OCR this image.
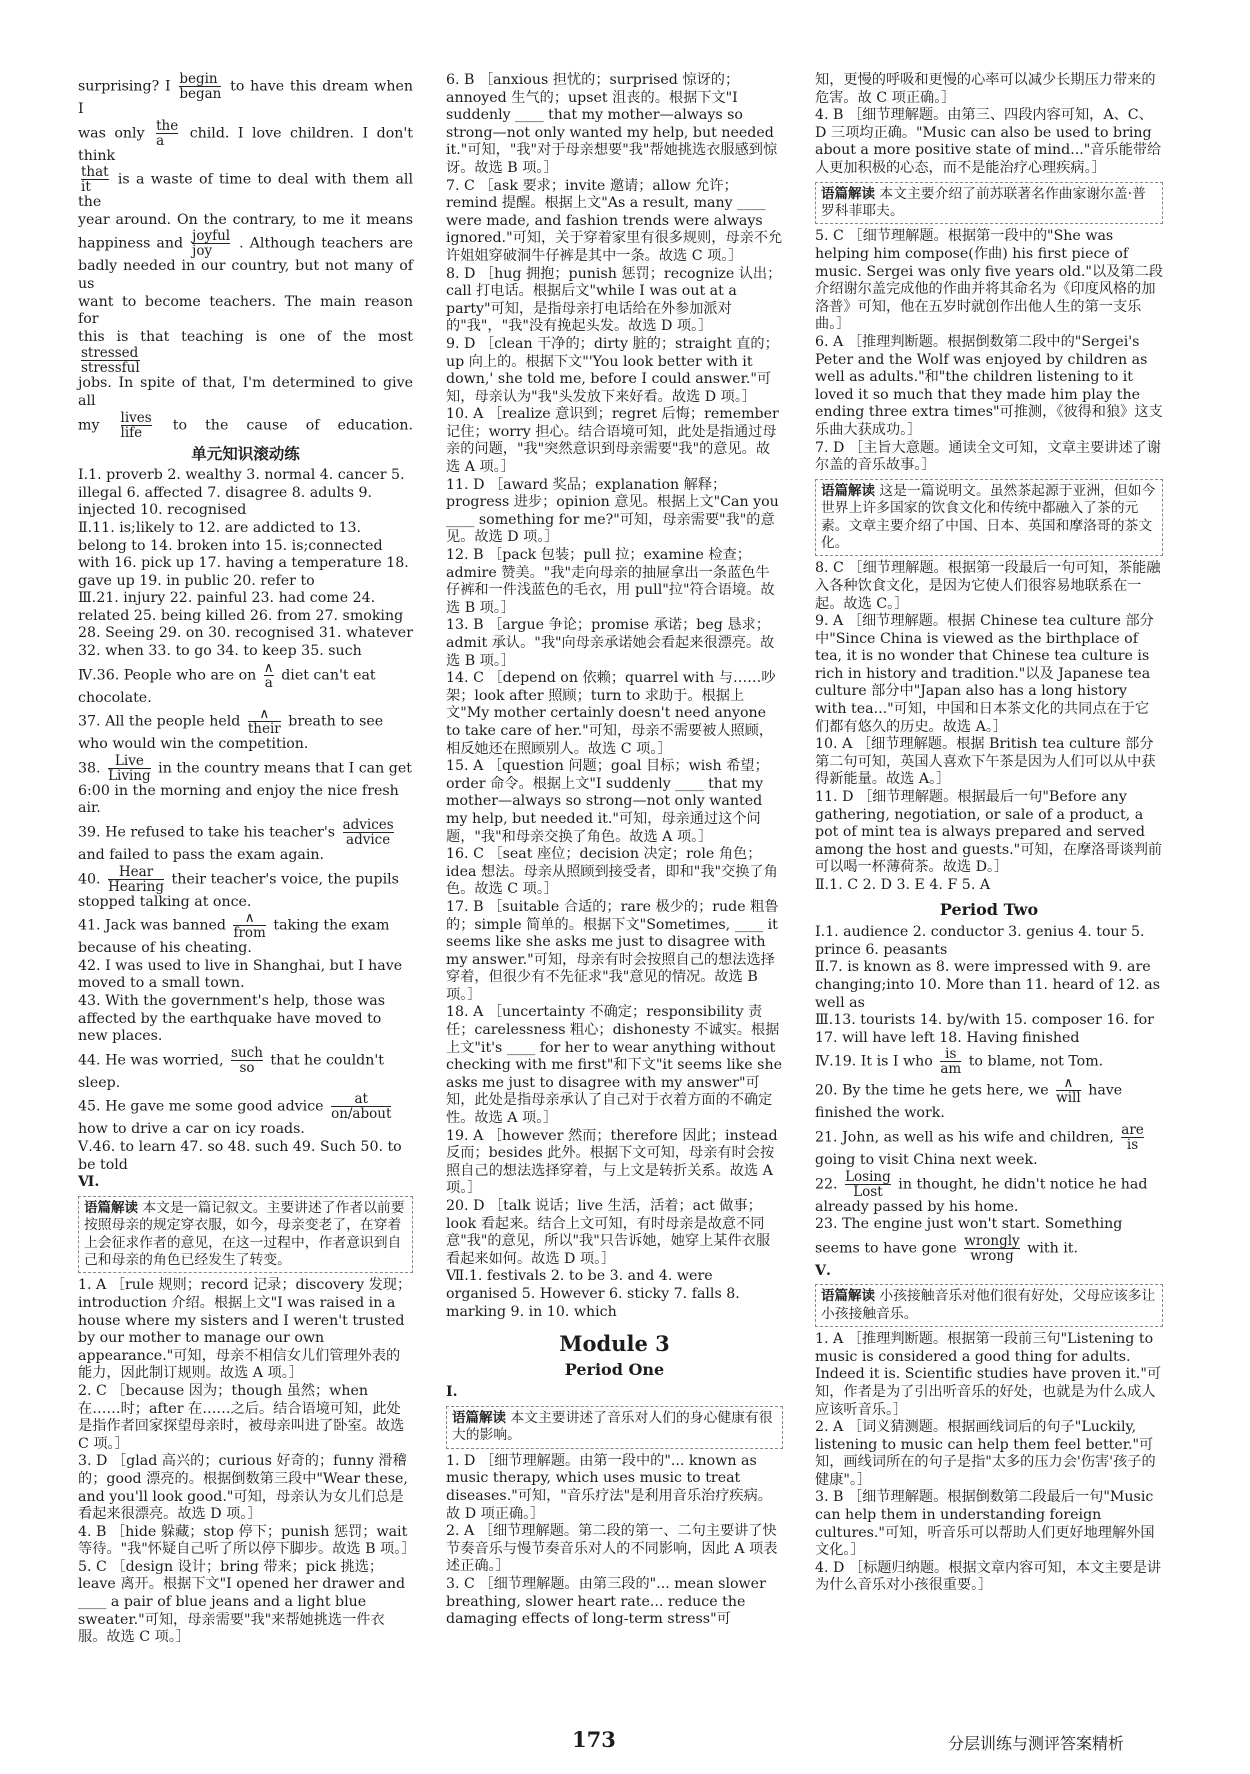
surprising? I $\frac{\text{begin}}{\text{began}}$ to have this dream when I

was only $\frac{\text{the}}{a}$ child. I love children. I don't think

$\frac{\text{that}}{it}$ is a waste of time to deal with them all the

year around. On the contrary, to me it means

happiness and $\frac{\text{joyful}}{\text{joy}}$ . Although teachers are

badly needed in our country, but not many of us

want to become teachers. The main reason for

this is that teaching is one of the most
$\frac{\text{stressed}}{\text{stressful}}$

jobs. In spite of that, I'm determined to give all

my $\frac{\text{lives}}{\text{life}}$ to the cause of education.

单元知识滚动练

Ⅰ.1. proverb 2. wealthy 3. normal 4. cancer 5. illegal 6. affected 7. disagree 8. adults 9. injected 10. recognised

Ⅱ.11. is;likely to 12. are addicted to 13. belong to 14. broken into 15. is;connected with 16. pick up 17. having a temperature 18. gave up 19. in public 20. refer to

Ⅲ.21. injury 22. painful 23. had come 24. related 25. being killed 26. from 27. smoking 28. Seeing 29. on 30. recognised 31. whatever 32. when 33. to go 34. to keep 35. such

Ⅳ.36. People who are on $\frac{\wedge}{a}$ diet can't eat chocolate.

37. All the people held $\frac{\wedge}{\text{their}}$ breath to see who would win the competition.

38. $\frac{\text{Live}}{\text{Living}}$ in the country means that I can get 6:00 in the morning and enjoy the nice fresh air.

39. He refused to take his teacher's $\frac{\text{advices}}{\text{advice}}$
and failed to pass the exam again.

40. $\frac{\text{Hear}}{\text{Hearing}}$ their teacher's voice, the pupils stopped talking at once.

41. Jack was banned $\frac{\wedge}{\text{from}}$ taking the exam because of his cheating.

42. I was used to live in Shanghai, but I have moved to a small town.

43. With the government's help, those was affected by the earthquake have moved to new places.

44. He was worried, $\frac{\text{such}}{so}$ that he couldn't sleep.

45. He gave me some good advice $\frac{at}{\text{on/about}}$
how to drive a car on icy roads.

Ⅴ.46. to learn 47. so 48. such 49. Such 50. to be told

Ⅵ.

语篇解读 本文是一篇记叙文。主要讲述了作者以前要按照母亲的规定穿衣服，如今，母亲变老了，在穿着上会征求作者的意见，在这一过程中，作者意识到自己和母亲的角色已经发生了转变。

1. A ［rule 规则；record 记录；discovery 发现；introduction 介绍。根据上文"I was raised in a house where my sisters and I weren't trusted by our mother to manage our own appearance."可知，母亲不相信女儿们管理外表的能力，因此制订规则。故选 A 项。］

2. C ［because 因为；though 虽然；when 在……时；after 在……之后。结合语境可知，此处是指作者回家探望母亲时，被母亲叫进了卧室。故选 C 项。］

3. D ［glad 高兴的；curious 好奇的；funny 滑稽的；good 漂亮的。根据倒数第三段中"Wear these, and you'll look good."可知，母亲认为女儿们总是看起来很漂亮。故选 D 项。］

4. B ［hide 躲藏；stop 停下；punish 惩罚；wait 等待。"我"怀疑自己听了所以停下脚步。故选 B 项。］

5. C ［design 设计；bring 带来；pick 挑选；leave 离开。根据下文"I opened her drawer and ____ a pair of blue jeans and a light blue sweater."可知，母亲需要"我"来帮她挑选一件衣服。故选 C 项。］

6. B ［anxious 担忧的；surprised 惊讶的；annoyed 生气的；upset 沮丧的。根据下文"I suddenly ____ that my mother—always so strong—not only wanted my help, but needed it."可知，"我"对于母亲想要"我"帮她挑选衣服感到惊讶。故选 B 项。］

7. C ［ask 要求；invite 邀请；allow 允许；remind 提醒。根据上文"As a result, many ____ were made, and fashion trends were always ignored."可知，关于穿着家里有很多规则，母亲不允许姐姐穿破洞牛仔裤是其中一条。故选 C 项。］

8. D ［hug 拥抱；punish 惩罚；recognize 认出；call 打电话。根据后文"while I was out at a party"可知，是指母亲打电话给在外参加派对的"我"，"我"没有挽起头发。故选 D 项。］

9. D ［clean 干净的；dirty 脏的；straight 直的；up 向上的。根据下文"'You look better with it down,' she told me, before I could answer."可知，母亲认为"我"头发放下来好看。故选 D 项。］

10. A ［realize 意识到；regret 后悔；remember 记住；worry 担心。结合语境可知，此处是指通过母亲的问题，"我"突然意识到母亲需要"我"的意见。故选 A 项。］

11. D ［award 奖品；explanation 解释；progress 进步；opinion 意见。根据上文"Can you ____ something for me?"可知，母亲需要"我"的意见。故选 D 项。］

12. B ［pack 包装；pull 拉；examine 检查；admire 赞美。"我"走向母亲的抽屉拿出一条蓝色牛仔裤和一件浅蓝色的毛衣，用 pull"拉"符合语境。故选 B 项。］

13. B ［argue 争论；promise 承诺；beg 恳求；admit 承认。"我"向母亲承诺她会看起来很漂亮。故选 B 项。］

14. C ［depend on 依赖；quarrel with 与……吵架；look after 照顾；turn to 求助于。根据上文"My mother certainly doesn't need anyone to take care of her."可知，母亲不需要被人照顾，相反她还在照顾别人。故选 C 项。］

15. A ［question 问题；goal 目标；wish 希望；order 命令。根据上文"I suddenly ____ that my mother—always so strong—not only wanted my help, but needed it."可知，母亲通过这个问题，"我"和母亲交换了角色。故选 A 项。］

16. C ［seat 座位；decision 决定；role 角色；idea 想法。母亲从照顾到接受者，即和"我"交换了角色。故选 C 项。］

17. B ［suitable 合适的；rare 极少的；rude 粗鲁的；simple 简单的。根据下文"Sometimes, ____ it seems like she asks me just to disagree with my answer."可知，母亲有时会按照自己的想法选择穿着，但很少有不先征求"我"意见的情况。故选 B 项。］

18. A ［uncertainty 不确定；responsibility 责任；carelessness 粗心；dishonesty 不诚实。根据上文"it's ____ for her to wear anything without checking with me first"和下文"it seems like she asks me just to disagree with my answer"可知，此处是指母亲承认了自己对于衣着方面的不确定性。故选 A 项。］

19. A ［however 然而；therefore 因此；instead 反而；besides 此外。根据下文可知，母亲有时会按照自己的想法选择穿着，与上文是转折关系。故选 A 项。］

20. D ［talk 说话；live 生活，活着；act 做事；look 看起来。结合上文可知，有时母亲是故意不同意"我"的意见，所以"我"只告诉她，她穿上某件衣服看起来如何。故选 D 项。］

Ⅶ.1. festivals 2. to be 3. and 4. were organised 5. However 6. sticky 7. falls 8. marking 9. in 10. which

Module 3
Period One

Ⅰ.

语篇解读 本文主要讲述了音乐对人们的身心健康有很大的影响。

1. D ［细节理解题。由第一段中的"... known as music therapy, which uses music to treat diseases."可知，"音乐疗法"是利用音乐治疗疾病。故 D 项正确。］

2. A ［细节理解题。第二段的第一、二句主要讲了快节奏音乐与慢节奏音乐对人的不同影响，因此 A 项表述正确。］

3. C ［细节理解题。由第三段的"... mean slower breathing, slower heart rate... reduce the damaging effects of long-term stress"可

知，更慢的呼吸和更慢的心率可以减少长期压力带来的危害。故 C 项正确。］

4. B ［细节理解题。由第三、四段内容可知，A、C、D 三项均正确。"Music can also be used to bring about a more positive state of mind..."音乐能带给人更加积极的心态，而不是能治疗心理疾病。］

语篇解读 本文主要介绍了前苏联著名作曲家谢尔盖·普罗科菲耶夫。

5. C ［细节理解题。根据第一段中的"She was helping him compose(作曲) his first piece of music. Sergei was only five years old."以及第二段介绍谢尔盖完成他的作曲并将其命名为《印度风格的加洛普》可知，他在五岁时就创作出他人生的第一支乐曲。］

6. A ［推理判断题。根据倒数第二段中的"Sergei's Peter and the Wolf was enjoyed by children as well as adults."和"the children listening to it loved it so much that they made him play the ending three extra times"可推测，《彼得和狼》这支乐曲大获成功。］

7. D ［主旨大意题。通读全文可知，文章主要讲述了谢尔盖的音乐故事。］

语篇解读 这是一篇说明文。虽然茶起源于亚洲，但如今世界上许多国家的饮食文化和传统中都融入了茶的元素。文章主要介绍了中国、日本、英国和摩洛哥的茶文化。

8. C ［细节理解题。根据第一段最后一句可知，茶能融入各种饮食文化，是因为它使人们很容易地联系在一起。故选 C。］

9. A ［细节理解题。根据 Chinese tea culture 部分中"Since China is viewed as the birthplace of tea, it is no wonder that Chinese tea culture is rich in history and tradition."以及 Japanese tea culture 部分中"Japan also has a long history with tea..."可知，中国和日本茶文化的共同点在于它们都有悠久的历史。故选 A。］

10. A ［细节理解题。根据 British tea culture 部分第二句可知，英国人喜欢下午茶是因为人们可以从中获得新能量。故选 A。］

11. D ［细节理解题。根据最后一句"Before any gathering, negotiation, or sale of a product, a pot of mint tea is always prepared and served among the host and guests."可知，在摩洛哥谈判前可以喝一杯薄荷茶。故选 D。］

Ⅱ.1. C 2. D 3. E 4. F 5. A

Period Two

Ⅰ.1. audience 2. conductor 3. genius 4. tour 5. prince 6. peasants

Ⅱ.7. is known as 8. were impressed with 9. are changing;into 10. More than 11. heard of 12. as well as

Ⅲ.13. tourists 14. by/with 15. composer 16. for 17. will have left 18. Having finished

Ⅳ.19. It is I who $\frac{is}{am}$ to blame, not Tom.

20. By the time he gets here, we $\frac{\wedge}{\text{will}}$ have finished the work.

21. John, as well as his wife and children, $\frac{\text{are}}{is}$
going to visit China next week.

22. $\frac{Losing}{\text{Lost}}$ in thought, he didn't notice he had already passed by his home.

23. The engine just won't start. Something seems to have gone $\frac{\text{wrongly}}{\text{wrong}}$ with it.

Ⅴ.

语篇解读 小孩接触音乐对他们很有好处，父母应该多让小孩接触音乐。

1. A ［推理判断题。根据第一段前三句"Listening to music is considered a good thing for adults. Indeed it is. Scientific studies have proven it."可知，作者是为了引出听音乐的好处，也就是为什么成人应该听音乐。］

2. A ［词义猜测题。根据画线词后的句子"Luckily, listening to music can help them feel better."可知，画线词所在的句子是指"太多的压力会'伤害'孩子的健康"。］

3. B ［细节理解题。根据倒数第二段最后一句"Music can help them in understanding foreign cultures."可知，听音乐可以帮助人们更好地理解外国文化。］

4. D ［标题归纳题。根据文章内容可知，本文主要是讲为什么音乐对小孩很重要。］

173	分层训练与测评答案精析
